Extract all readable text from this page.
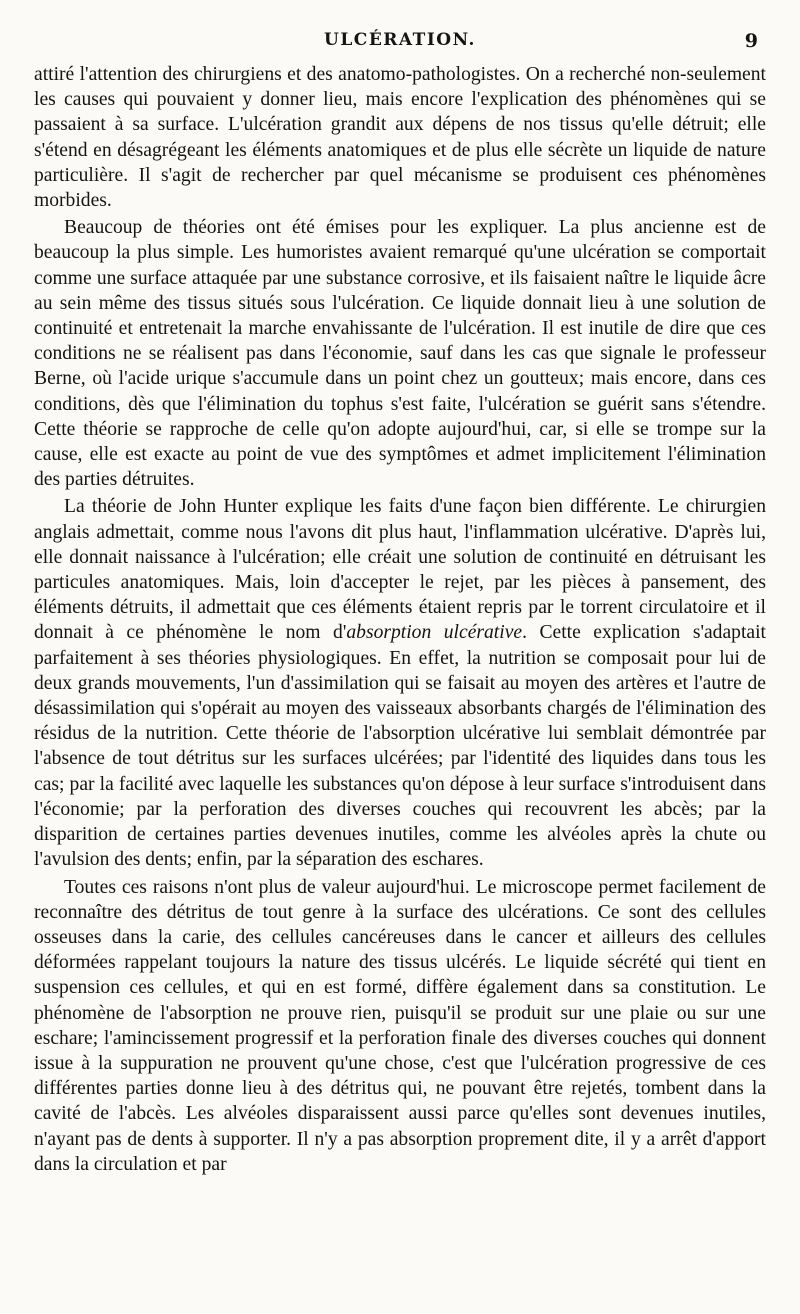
ULCÉRATION.	9

attiré l'attention des chirurgiens et des anatomo-pathologistes. On a recherché non-seulement les causes qui pouvaient y donner lieu, mais encore l'explication des phénomènes qui se passaient à sa surface. L'ulcération grandit aux dépens de nos tissus qu'elle détruit; elle s'étend en désagrégeant les éléments anatomiques et de plus elle sécrète un liquide de nature particulière. Il s'agit de rechercher par quel mécanisme se produisent ces phénomènes morbides.

Beaucoup de théories ont été émises pour les expliquer. La plus ancienne est de beaucoup la plus simple. Les humoristes avaient remarqué qu'une ulcération se comportait comme une surface attaquée par une substance corrosive, et ils faisaient naître le liquide âcre au sein même des tissus situés sous l'ulcération. Ce liquide donnait lieu à une solution de continuité et entretenait la marche envahissante de l'ulcération. Il est inutile de dire que ces conditions ne se réalisent pas dans l'économie, sauf dans les cas que signale le professeur Berne, où l'acide urique s'accumule dans un point chez un goutteux; mais encore, dans ces conditions, dès que l'élimination du tophus s'est faite, l'ulcération se guérit sans s'étendre. Cette théorie se rapproche de celle qu'on adopte aujourd'hui, car, si elle se trompe sur la cause, elle est exacte au point de vue des symptômes et admet implicitement l'élimination des parties détruites.

La théorie de John Hunter explique les faits d'une façon bien différente. Le chirurgien anglais admettait, comme nous l'avons dit plus haut, l'inflammation ulcérative. D'après lui, elle donnait naissance à l'ulcération; elle créait une solution de continuité en détruisant les particules anatomiques. Mais, loin d'accepter le rejet, par les pièces à pansement, des éléments détruits, il admettait que ces éléments étaient repris par le torrent circulatoire et il donnait à ce phénomène le nom d'absorption ulcérative. Cette explication s'adaptait parfaitement à ses théories physiologiques. En effet, la nutrition se composait pour lui de deux grands mouvements, l'un d'assimilation qui se faisait au moyen des artères et l'autre de désassimilation qui s'opérait au moyen des vaisseaux absorbants chargés de l'élimination des résidus de la nutrition. Cette théorie de l'absorption ulcérative lui semblait démontrée par l'absence de tout détritus sur les surfaces ulcérées; par l'identité des liquides dans tous les cas; par la facilité avec laquelle les substances qu'on dépose à leur surface s'introduisent dans l'économie; par la perforation des diverses couches qui recouvrent les abcès; par la disparition de certaines parties devenues inutiles, comme les alvéoles après la chute ou l'avulsion des dents; enfin, par la séparation des eschares.

Toutes ces raisons n'ont plus de valeur aujourd'hui. Le microscope permet facilement de reconnaître des détritus de tout genre à la surface des ulcérations. Ce sont des cellules osseuses dans la carie, des cellules cancéreuses dans le cancer et ailleurs des cellules déformées rappelant toujours la nature des tissus ulcérés. Le liquide sécrété qui tient en suspension ces cellules, et qui en est formé, diffère également dans sa constitution. Le phénomène de l'absorption ne prouve rien, puisqu'il se produit sur une plaie ou sur une eschare; l'amincissement progressif et la perforation finale des diverses couches qui donnent issue à la suppuration ne prouvent qu'une chose, c'est que l'ulcération progressive de ces différentes parties donne lieu à des détritus qui, ne pouvant être rejetés, tombent dans la cavité de l'abcès. Les alvéoles disparaissent aussi parce qu'elles sont devenues inutiles, n'ayant pas de dents à supporter. Il n'y a pas absorption proprement dite, il y a arrêt d'apport dans la circulation et par
